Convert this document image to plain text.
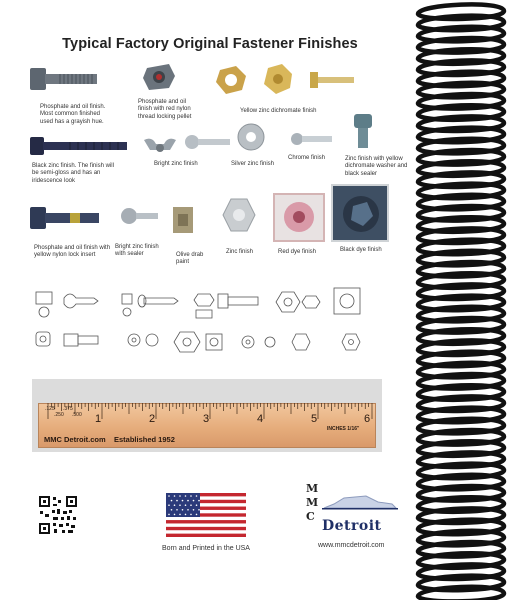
Typical Factory Original Fastener Finishes
Phosphate and oil finish. Most common finished used has a grayish hue.
Phosphate and oil finish with red nylon thread locking pellet
Yellow zinc dichromate finish
Black zinc finish. The finish will be semi-gloss and has an iridescence look
Bright zinc finish	Silver zinc finish
Chrome finish	Zinc finish with yellow dichromate washer and black sealer
Phosphate and oil finish with yellow nylon lock insert
Bright zinc finish with sealer	Olive drab paint
Zinc finish	Red dye finish	Black dye finish
1	2	3	4	5	6
.125
.250
.375
.500
INCHES 1/16"
MMC Detroit.com Established 1952
Born and Printed in the USA
M
M
C
Detroit
www.mmcdetroit.com
